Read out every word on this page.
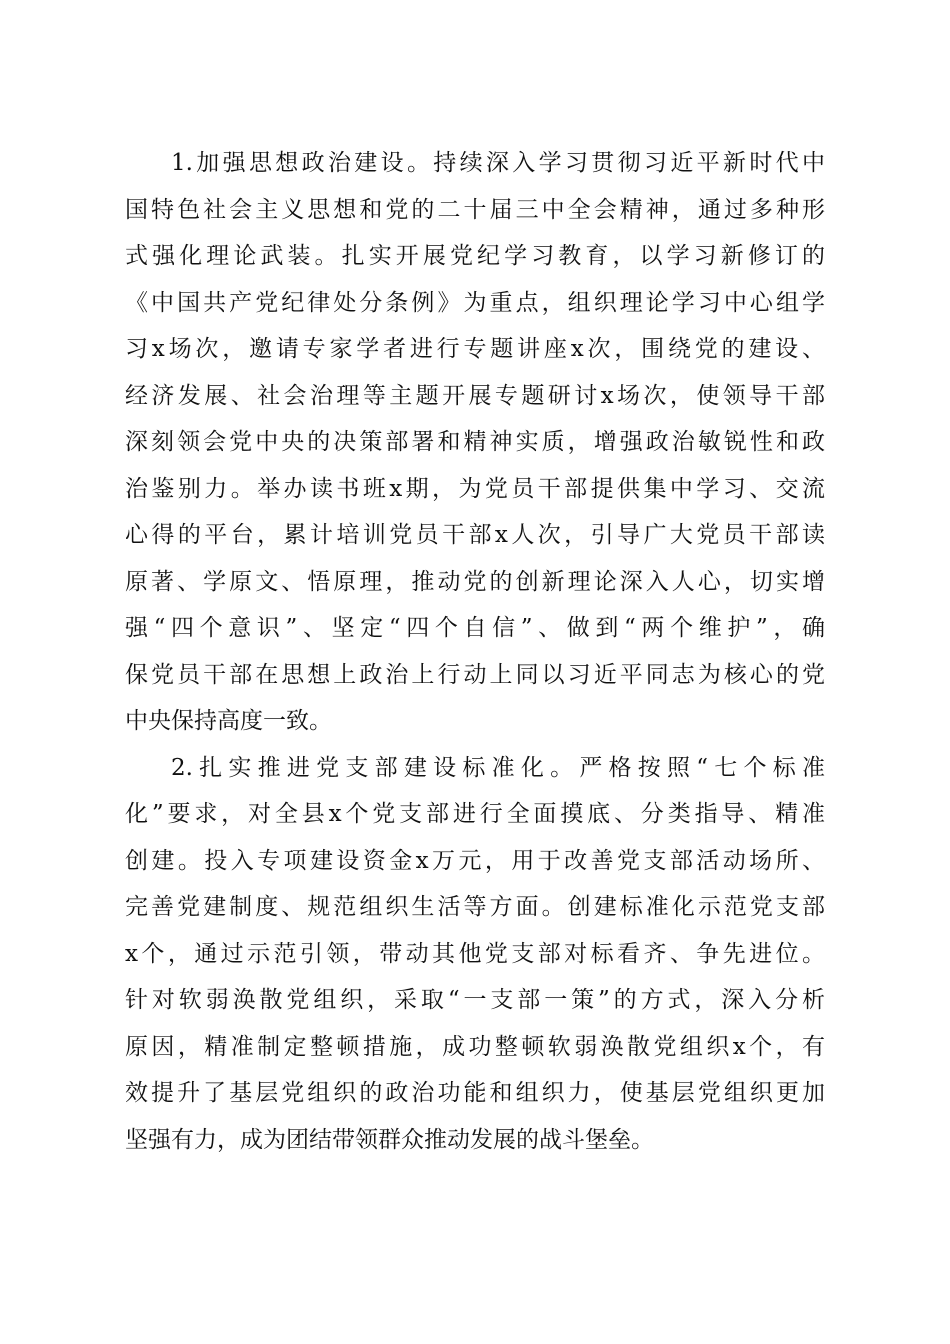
1.加强思想政治建设。持续深入学习贯彻习近平新时代中
国特色社会主义思想和党的二十届三中全会精神，通过多种形
式强化理论武装。扎实开展党纪学习教育，以学习新修订的
《中国共产党纪律处分条例》为重点，组织理论学习中心组学
习x场次，邀请专家学者进行专题讲座x次，围绕党的建设、
经济发展、社会治理等主题开展专题研讨x场次，使领导干部
深刻领会党中央的决策部署和精神实质，增强政治敏锐性和政
治鉴别力。举办读书班x期，为党员干部提供集中学习、交流
心得的平台，累计培训党员干部x人次，引导广大党员干部读
原著、学原文、悟原理，推动党的创新理论深入人心，切实增
强“四个意识”、坚定“四个自信”、做到“两个维护”，确
保党员干部在思想上政治上行动上同以习近平同志为核心的党
中央保持高度一致。
2.扎实推进党支部建设标准化。严格按照“七个标准
化”要求，对全县x个党支部进行全面摸底、分类指导、精准
创建。投入专项建设资金x万元，用于改善党支部活动场所、
完善党建制度、规范组织生活等方面。创建标准化示范党支部
x个，通过示范引领，带动其他党支部对标看齐、争先进位。
针对软弱涣散党组织，采取“一支部一策”的方式，深入分析
原因，精准制定整顿措施，成功整顿软弱涣散党组织x个，有
效提升了基层党组织的政治功能和组织力，使基层党组织更加
坚强有力，成为团结带领群众推动发展的战斗堡垒。
